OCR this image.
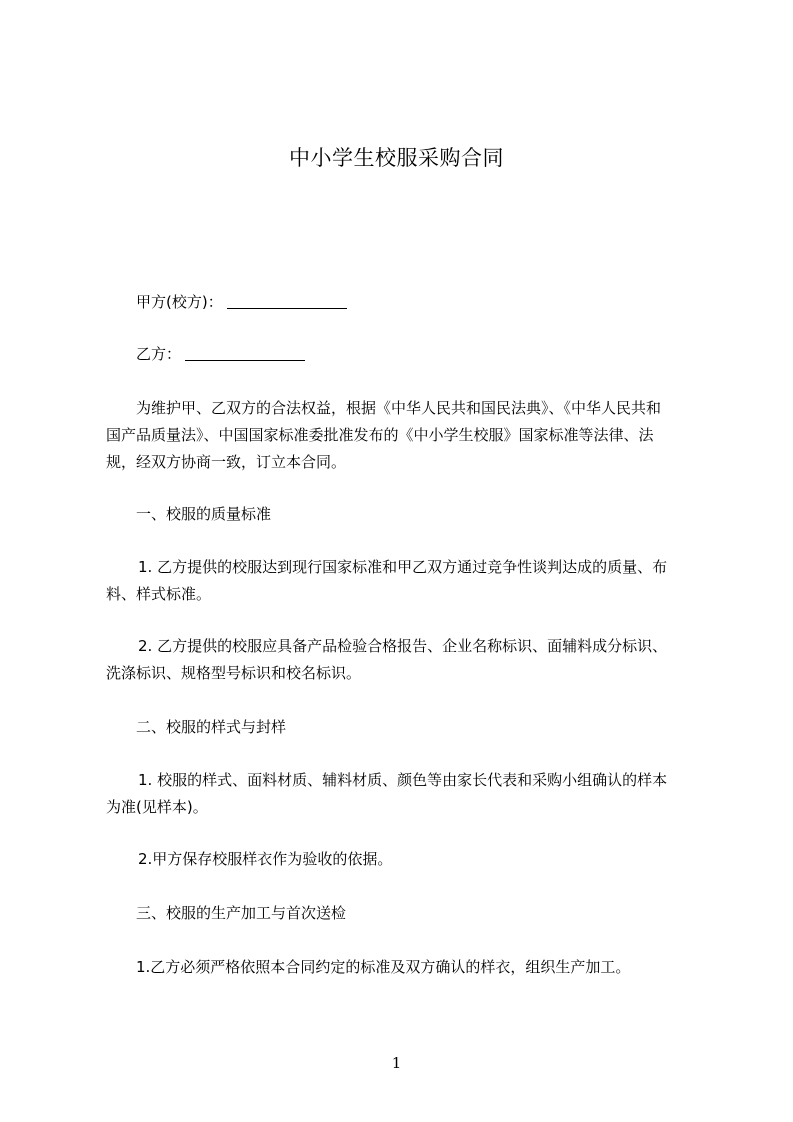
中小学生校服采购合同
甲方(校方)：
乙方：
为维护甲、乙双方的合法权益，根据《中华人民共和国民法典》、《中华人民共和
国产品质量法》、中国国家标准委批准发布的《中小学生校服》国家标准等法律、法
规，经双方协商一致，订立本合同。
一、校服的质量标准
1. 乙方提供的校服达到现行国家标准和甲乙双方通过竞争性谈判达成的质量、布
料、样式标准。
2. 乙方提供的校服应具备产品检验合格报告、企业名称标识、面辅料成分标识、
洗涤标识、规格型号标识和校名标识。
二、校服的样式与封样
1. 校服的样式、面料材质、辅料材质、颜色等由家长代表和采购小组确认的样本
为准(见样本)。
2.甲方保存校服样衣作为验收的依据。
三、校服的生产加工与首次送检
1.乙方必须严格依照本合同约定的标准及双方确认的样衣，组织生产加工。
1
